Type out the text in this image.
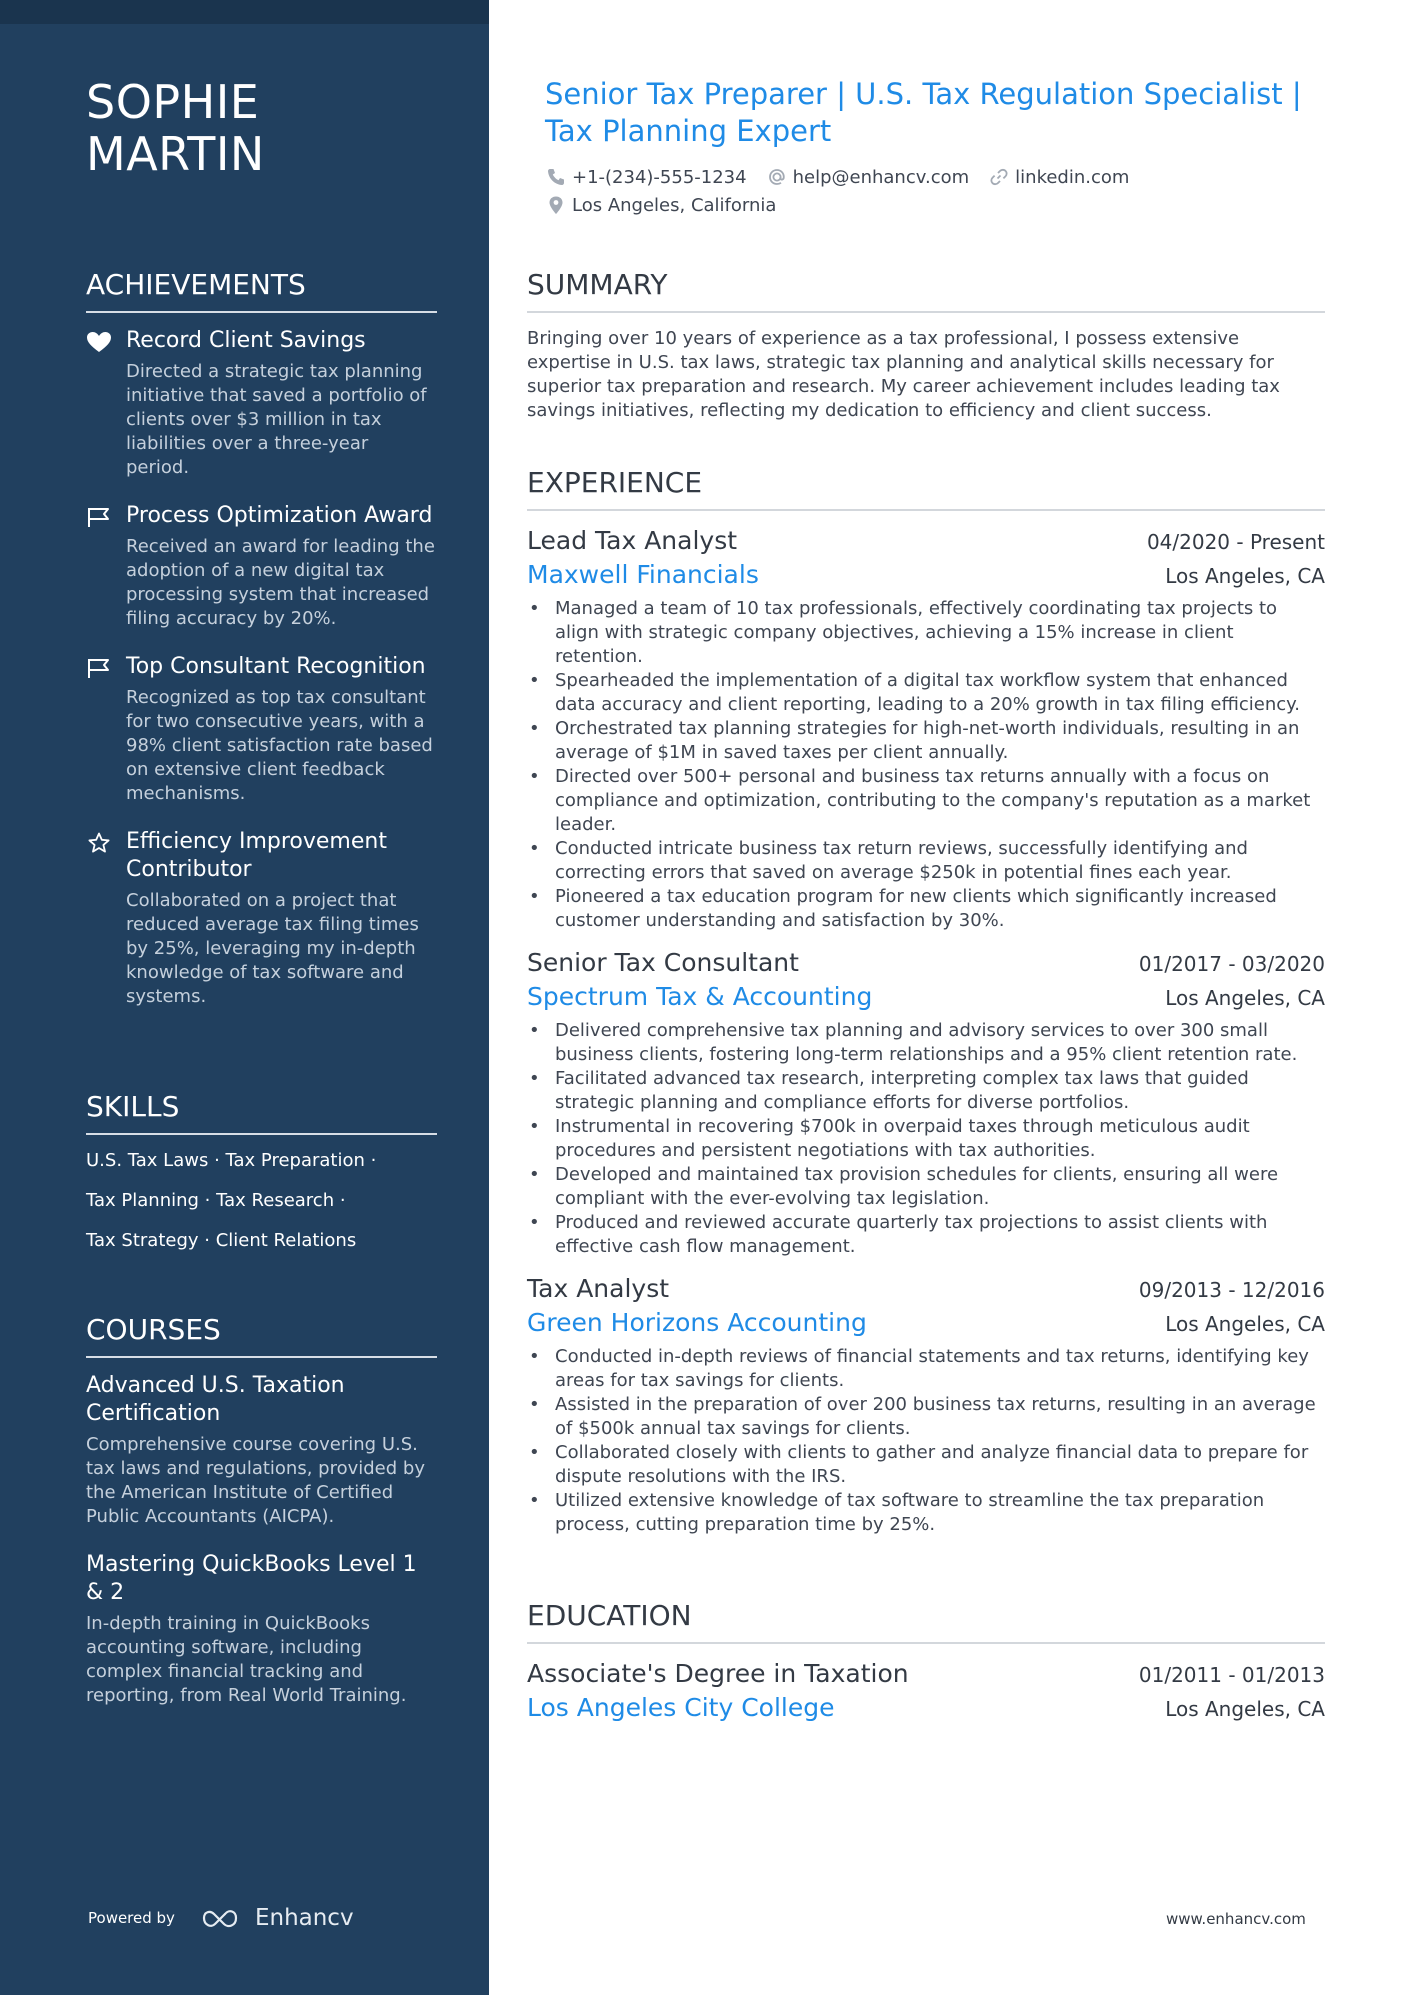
SOPHIE
MARTIN
ACHIEVEMENTS
Record Client Savings
Directed a strategic tax planning initiative that saved a portfolio of clients over $3 million in tax liabilities over a three-year period.
Process Optimization Award
Received an award for leading the adoption of a new digital tax processing system that increased filing accuracy by 20%.
Top Consultant Recognition
Recognized as top tax consultant for two consecutive years, with a 98% client satisfaction rate based on extensive client feedback mechanisms.
Efficiency Improvement Contributor
Collaborated on a project that reduced average tax filing times by 25%, leveraging my in-depth knowledge of tax software and systems.
SKILLS
U.S. Tax Laws · Tax Preparation ·
Tax Planning · Tax Research ·
Tax Strategy · Client Relations
COURSES
Advanced U.S. Taxation Certification
Comprehensive course covering U.S. tax laws and regulations, provided by the American Institute of Certified Public Accountants (AICPA).
Mastering QuickBooks Level 1 & 2
In-depth training in QuickBooks accounting software, including complex financial tracking and reporting, from Real World Training.
Powered by	Enhancv
Senior Tax Preparer | U.S. Tax Regulation Specialist | Tax Planning Expert
+1-(234)-555-1234	help@enhancv.com	linkedin.com
Los Angeles, California
SUMMARY
Bringing over 10 years of experience as a tax professional, I possess extensive expertise in U.S. tax laws, strategic tax planning and analytical skills necessary for superior tax preparation and research. My career achievement includes leading tax savings initiatives, reflecting my dedication to efficiency and client success.
EXPERIENCE
Lead Tax Analyst	04/2020 - Present
Maxwell Financials	Los Angeles, CA
• Managed a team of 10 tax professionals, effectively coordinating tax projects to align with strategic company objectives, achieving a 15% increase in client retention.
• Spearheaded the implementation of a digital tax workflow system that enhanced data accuracy and client reporting, leading to a 20% growth in tax filing efficiency.
• Orchestrated tax planning strategies for high-net-worth individuals, resulting in an average of $1M in saved taxes per client annually.
• Directed over 500+ personal and business tax returns annually with a focus on compliance and optimization, contributing to the company's reputation as a market leader.
• Conducted intricate business tax return reviews, successfully identifying and correcting errors that saved on average $250k in potential fines each year.
• Pioneered a tax education program for new clients which significantly increased customer understanding and satisfaction by 30%.
Senior Tax Consultant	01/2017 - 03/2020
Spectrum Tax & Accounting	Los Angeles, CA
• Delivered comprehensive tax planning and advisory services to over 300 small business clients, fostering long-term relationships and a 95% client retention rate.
• Facilitated advanced tax research, interpreting complex tax laws that guided strategic planning and compliance efforts for diverse portfolios.
• Instrumental in recovering $700k in overpaid taxes through meticulous audit procedures and persistent negotiations with tax authorities.
• Developed and maintained tax provision schedules for clients, ensuring all were compliant with the ever-evolving tax legislation.
• Produced and reviewed accurate quarterly tax projections to assist clients with effective cash flow management.
Tax Analyst	09/2013 - 12/2016
Green Horizons Accounting	Los Angeles, CA
• Conducted in-depth reviews of financial statements and tax returns, identifying key areas for tax savings for clients.
• Assisted in the preparation of over 200 business tax returns, resulting in an average of $500k annual tax savings for clients.
• Collaborated closely with clients to gather and analyze financial data to prepare for dispute resolutions with the IRS.
• Utilized extensive knowledge of tax software to streamline the tax preparation process, cutting preparation time by 25%.
EDUCATION
Associate's Degree in Taxation	01/2011 - 01/2013
Los Angeles City College	Los Angeles, CA
www.enhancv.com
